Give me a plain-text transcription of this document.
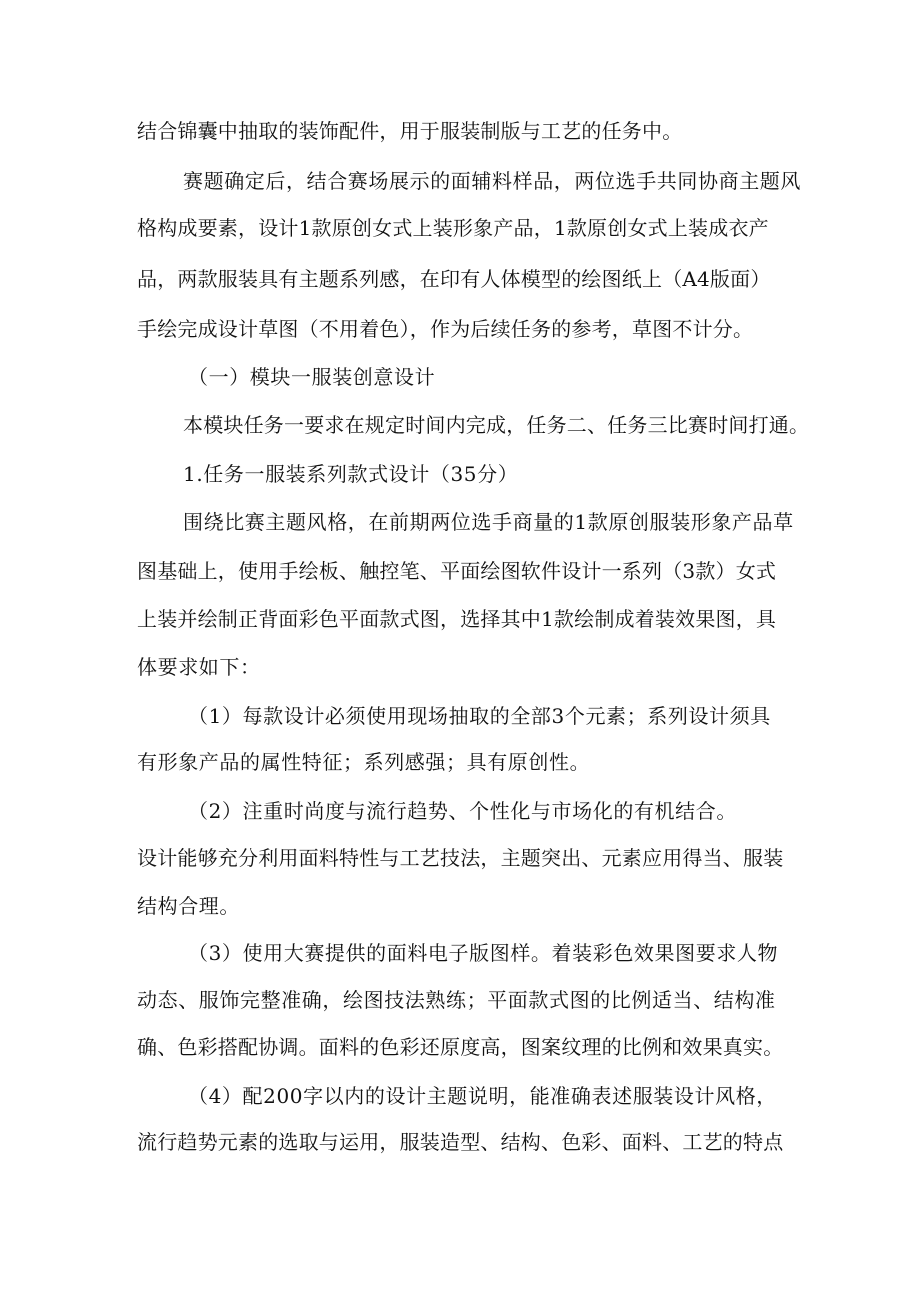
结合锦囊中抽取的装饰配件，用于服装制版与工艺的任务中。
赛题确定后，结合赛场展示的面辅料样品，两位选手共同协商主题风
格构成要素，设计1款原创女式上装形象产品，1款原创女式上装成衣产
品，两款服装具有主题系列感，在印有人体模型的绘图纸上（A4版面）
手绘完成设计草图（不用着色），作为后续任务的参考，草图不计分。
（一）模块一服装创意设计
本模块任务一要求在规定时间内完成，任务二、任务三比赛时间打通。
1.任务一服装系列款式设计（35分）
围绕比赛主题风格，在前期两位选手商量的1款原创服装形象产品草
图基础上，使用手绘板、触控笔、平面绘图软件设计一系列（3款）女式
上装并绘制正背面彩色平面款式图，选择其中1款绘制成着装效果图，具
体要求如下：
（1）每款设计必须使用现场抽取的全部3个元素；系列设计须具
有形象产品的属性特征；系列感强；具有原创性。
（2）注重时尚度与流行趋势、个性化与市场化的有机结合。
设计能够充分利用面料特性与工艺技法，主题突出、元素应用得当、服装
结构合理。
（3）使用大赛提供的面料电子版图样。着装彩色效果图要求人物
动态、服饰完整准确，绘图技法熟练；平面款式图的比例适当、结构准
确、色彩搭配协调。面料的色彩还原度高，图案纹理的比例和效果真实。
（4）配200字以内的设计主题说明，能准确表述服装设计风格，
流行趋势元素的选取与运用，服装造型、结构、色彩、面料、工艺的特点
